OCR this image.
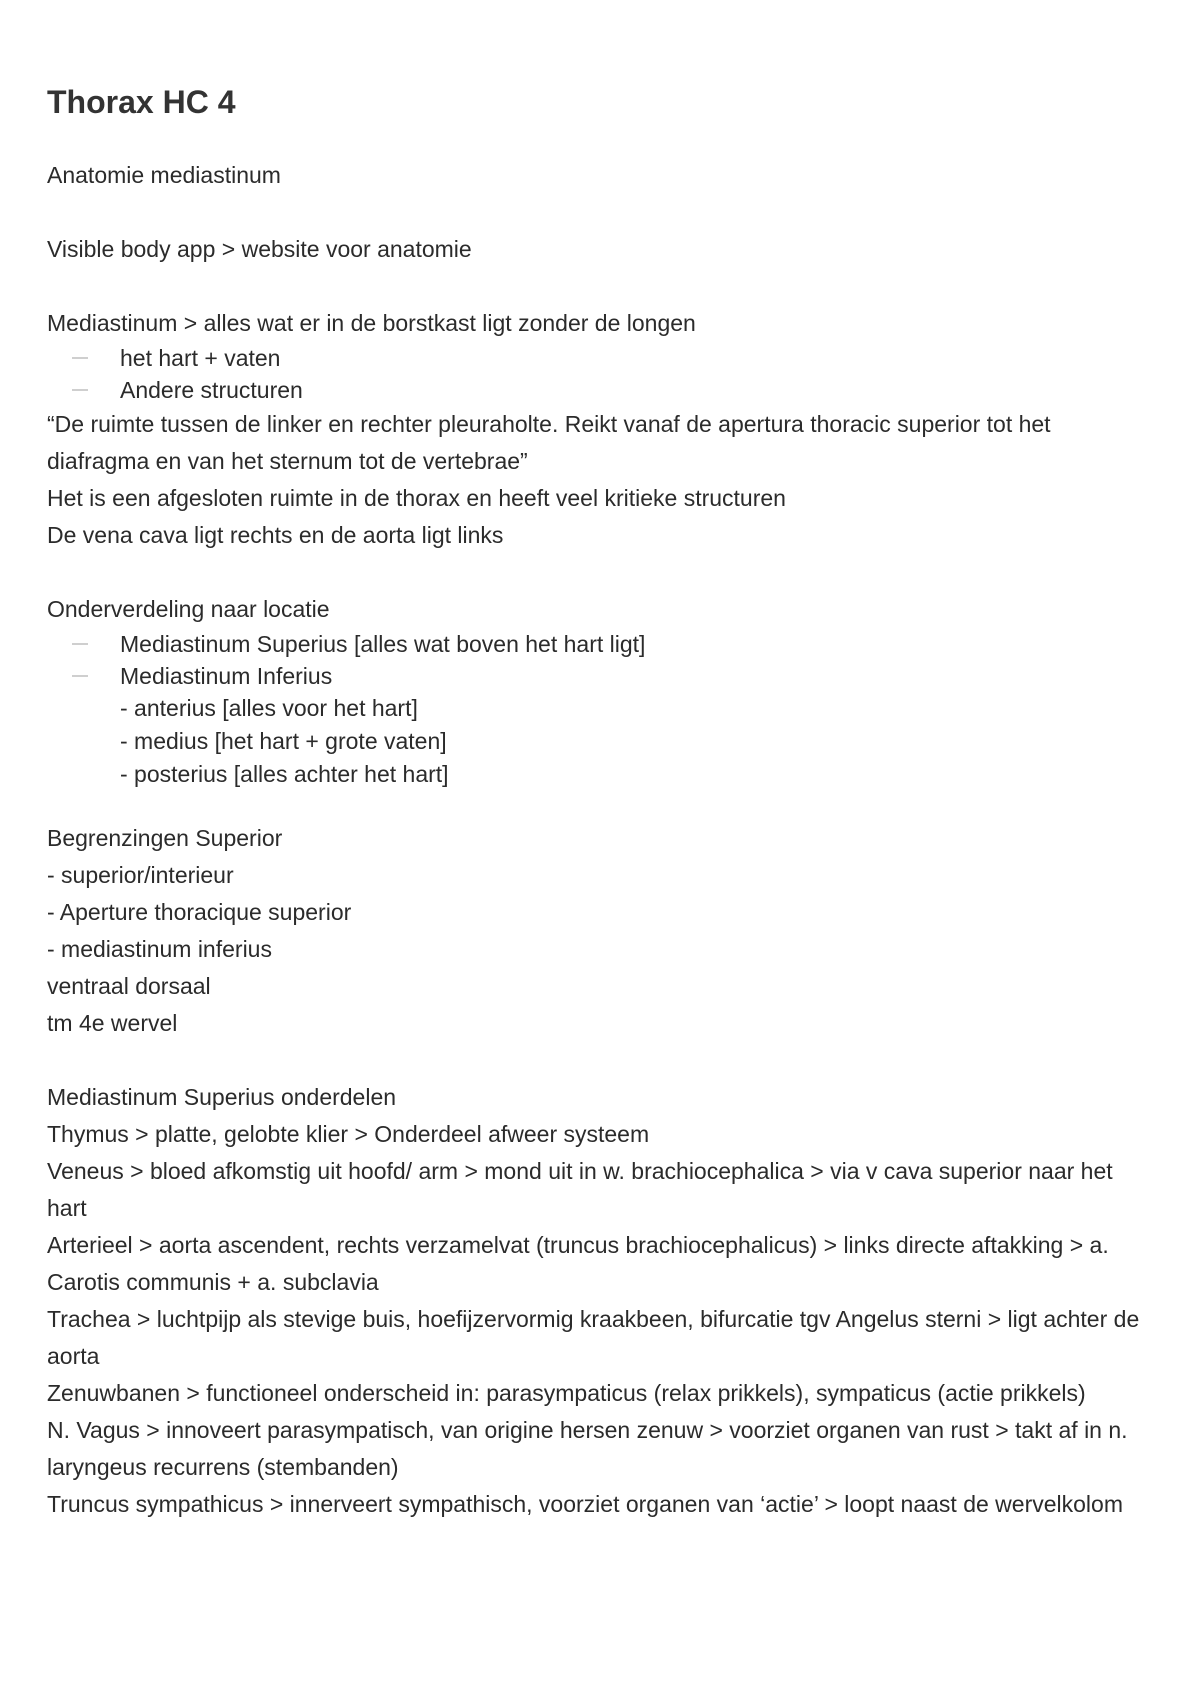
Thorax HC 4

Anatomie mediastinum

Visible body app > website voor anatomie

Mediastinum > alles wat er in de borstkast ligt zonder de longen

het hart + vaten
Andere structuren

“De ruimte tussen de linker en rechter pleuraholte. Reikt vanaf de apertura thoracic superior tot het diafragma en van het sternum tot de vertebrae”

Het is een afgesloten ruimte in de thorax en heeft veel kritieke structuren

De vena cava ligt rechts en de aorta ligt links

Onderverdeling naar locatie

Mediastinum Superius [alles wat boven het hart ligt]
Mediastinum Inferius
- anterius [alles voor het hart]
- medius [het hart + grote vaten]
- posterius [alles achter het hart]

Begrenzingen Superior

- superior/interieur

- Aperture thoracique superior

- mediastinum inferius

ventraal dorsaal

tm 4e wervel

Mediastinum Superius onderdelen

Thymus > platte, gelobte klier > Onderdeel afweer systeem

Veneus > bloed afkomstig uit hoofd/ arm > mond uit in w. brachiocephalica > via v cava superior naar het hart

Arterieel > aorta ascendent, rechts verzamelvat (truncus brachiocephalicus) > links directe aftakking > a. Carotis communis + a. subclavia

Trachea > luchtpijp als stevige buis, hoefijzervormig kraakbeen, bifurcatie tgv Angelus sterni > ligt achter de aorta

Zenuwbanen > functioneel onderscheid in: parasympaticus (relax prikkels), sympaticus (actie prikkels)

N. Vagus > innoveert parasympatisch, van origine hersen zenuw > voorziet organen van rust > takt af in n. laryngeus recurrens (stembanden)

Truncus sympathicus > innerveert sympathisch, voorziet organen van ‘actie’ > loopt naast de wervelkolom
